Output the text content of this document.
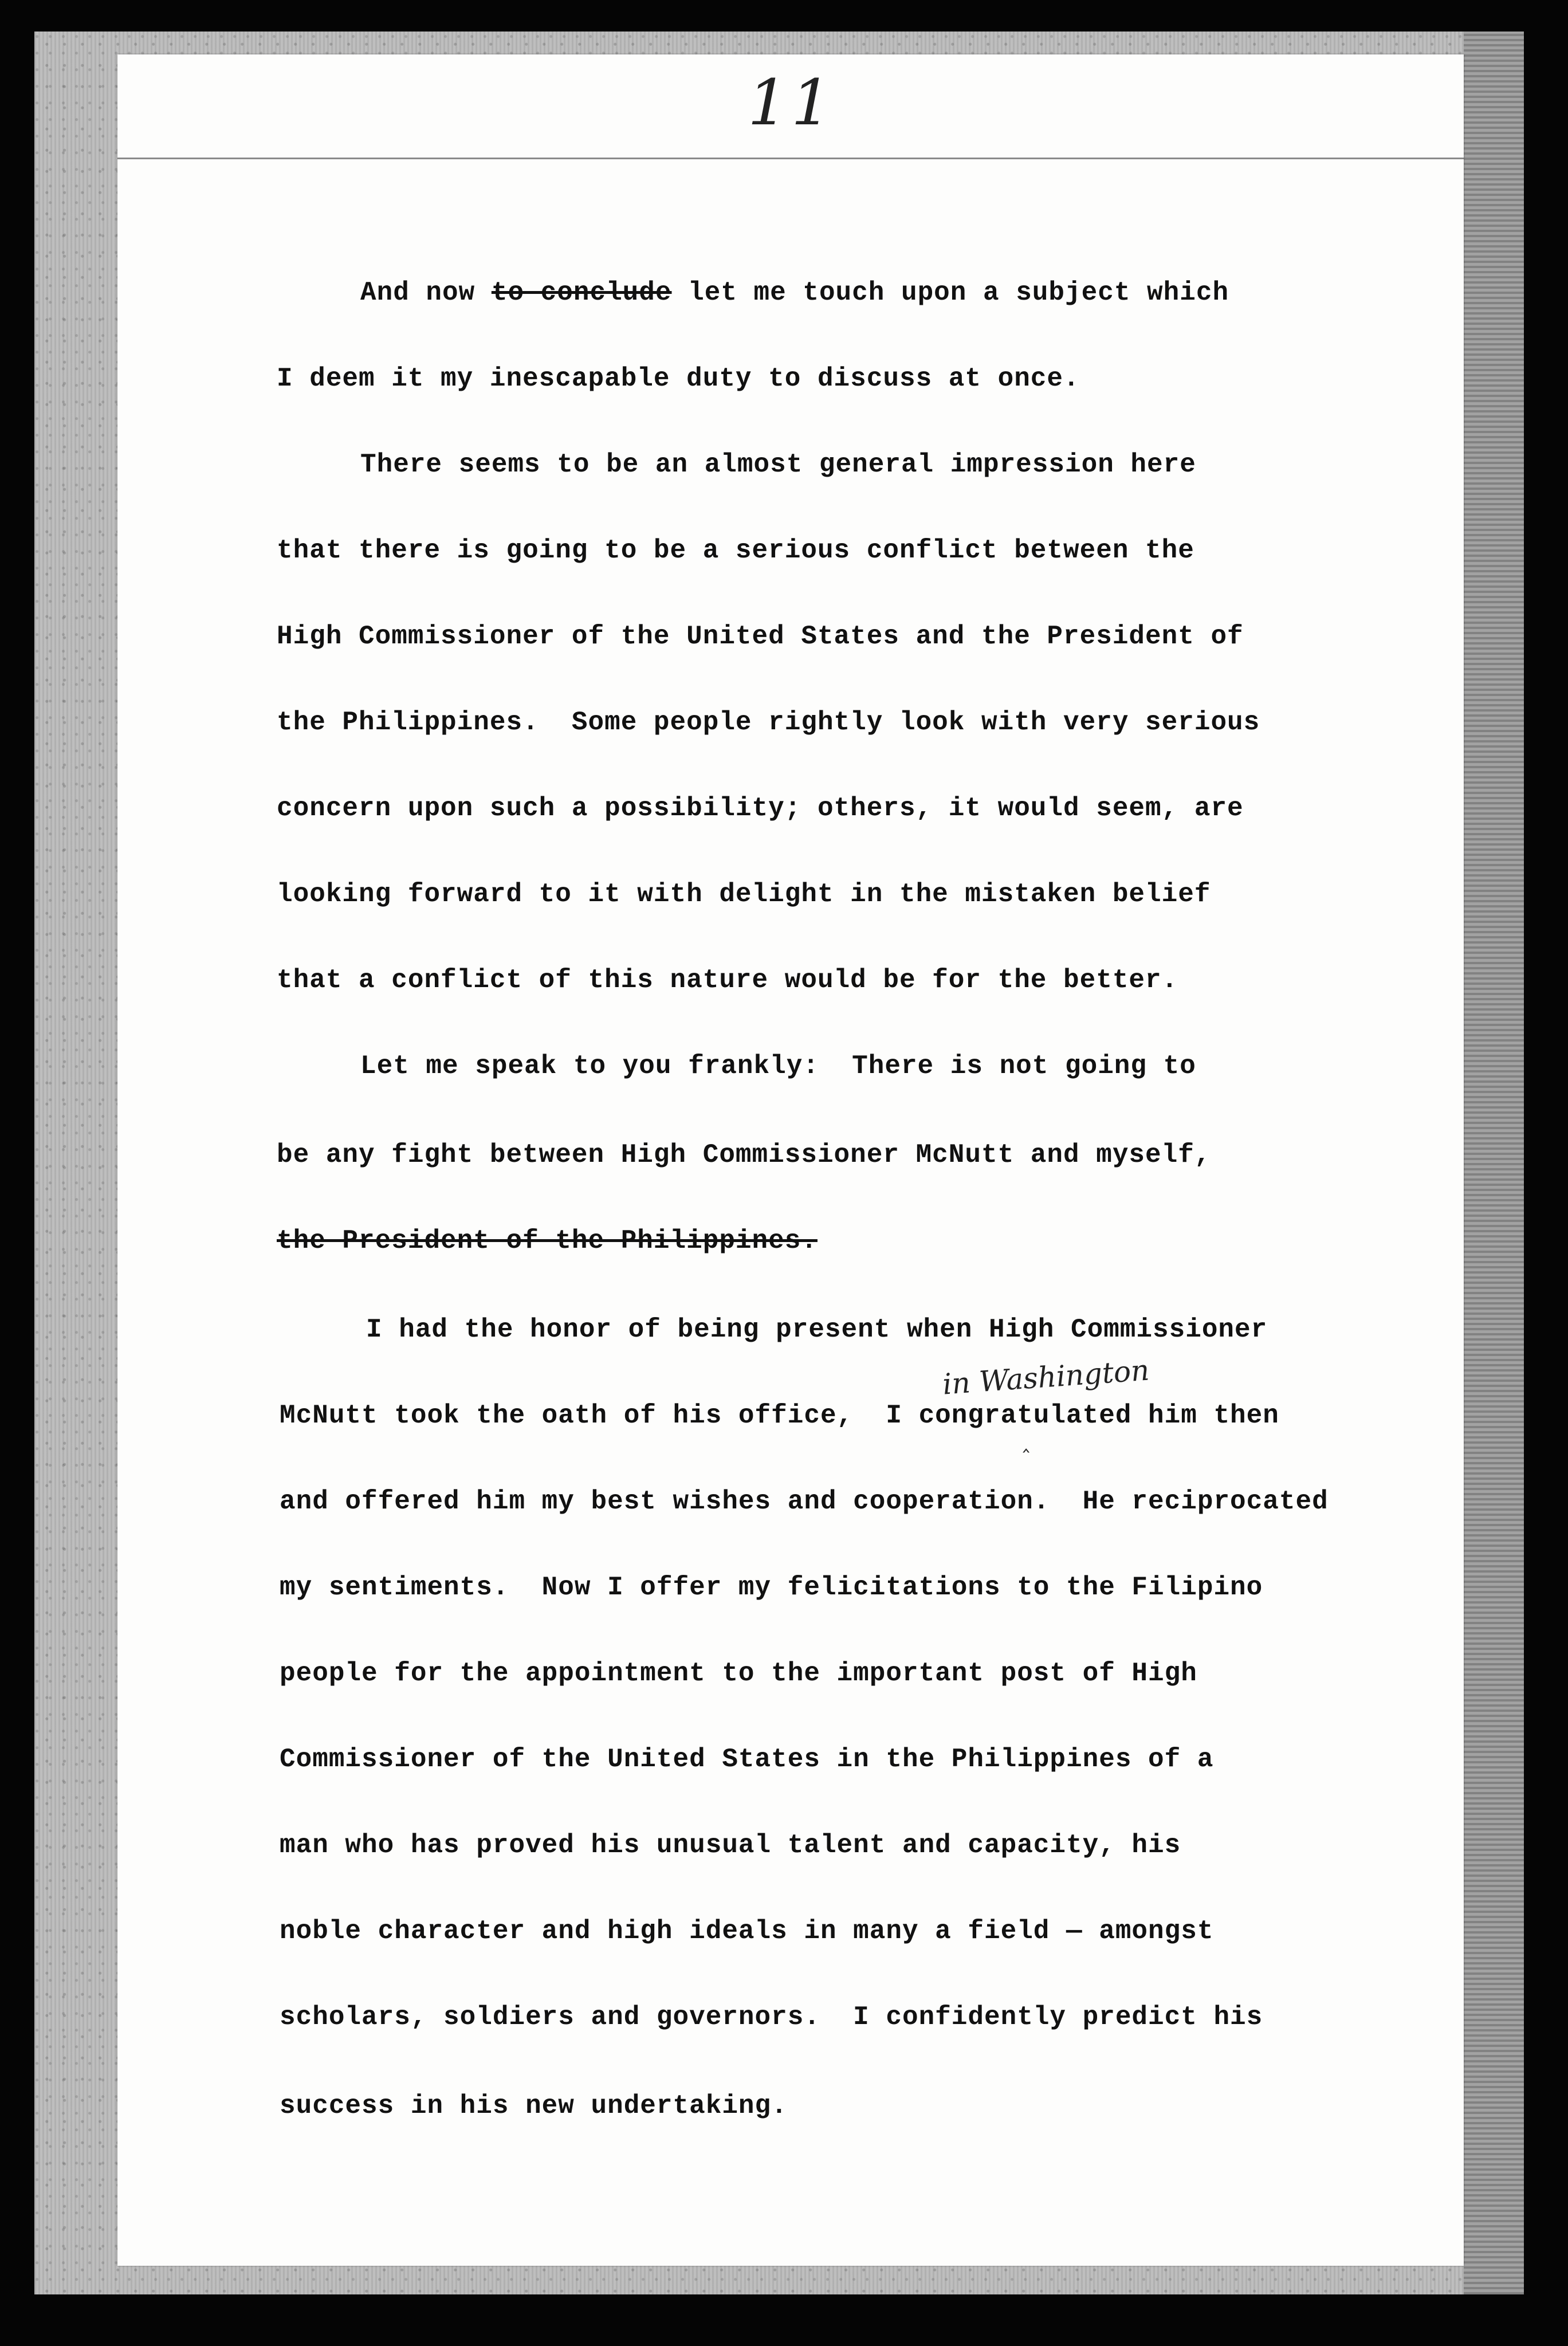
11
And now to conclude let me touch upon a subject which
I deem it my inescapable duty to discuss at once.
There seems to be an almost general impression here
that there is going to be a serious conflict between the
High Commissioner of the United States and the President of
the Philippines.  Some people rightly look with very serious
concern upon such a possibility; others, it would seem, are
looking forward to it with delight in the mistaken belief
that a conflict of this nature would be for the better.
Let me speak to you frankly:  There is not going to
be any fight between High Commissioner McNutt and myself,
the President of the Philippines.
I had the honor of being present when High Commissioner
in Washington
‸
McNutt took the oath of his office,  I congratulated him then
and offered him my best wishes and cooperation.  He reciprocated
my sentiments.  Now I offer my felicitations to the Filipino
people for the appointment to the important post of High
Commissioner of the United States in the Philippines of a
man who has proved his unusual talent and capacity, his
noble character and high ideals in many a field — amongst
scholars, soldiers and governors.  I confidently predict his
success in his new undertaking.
